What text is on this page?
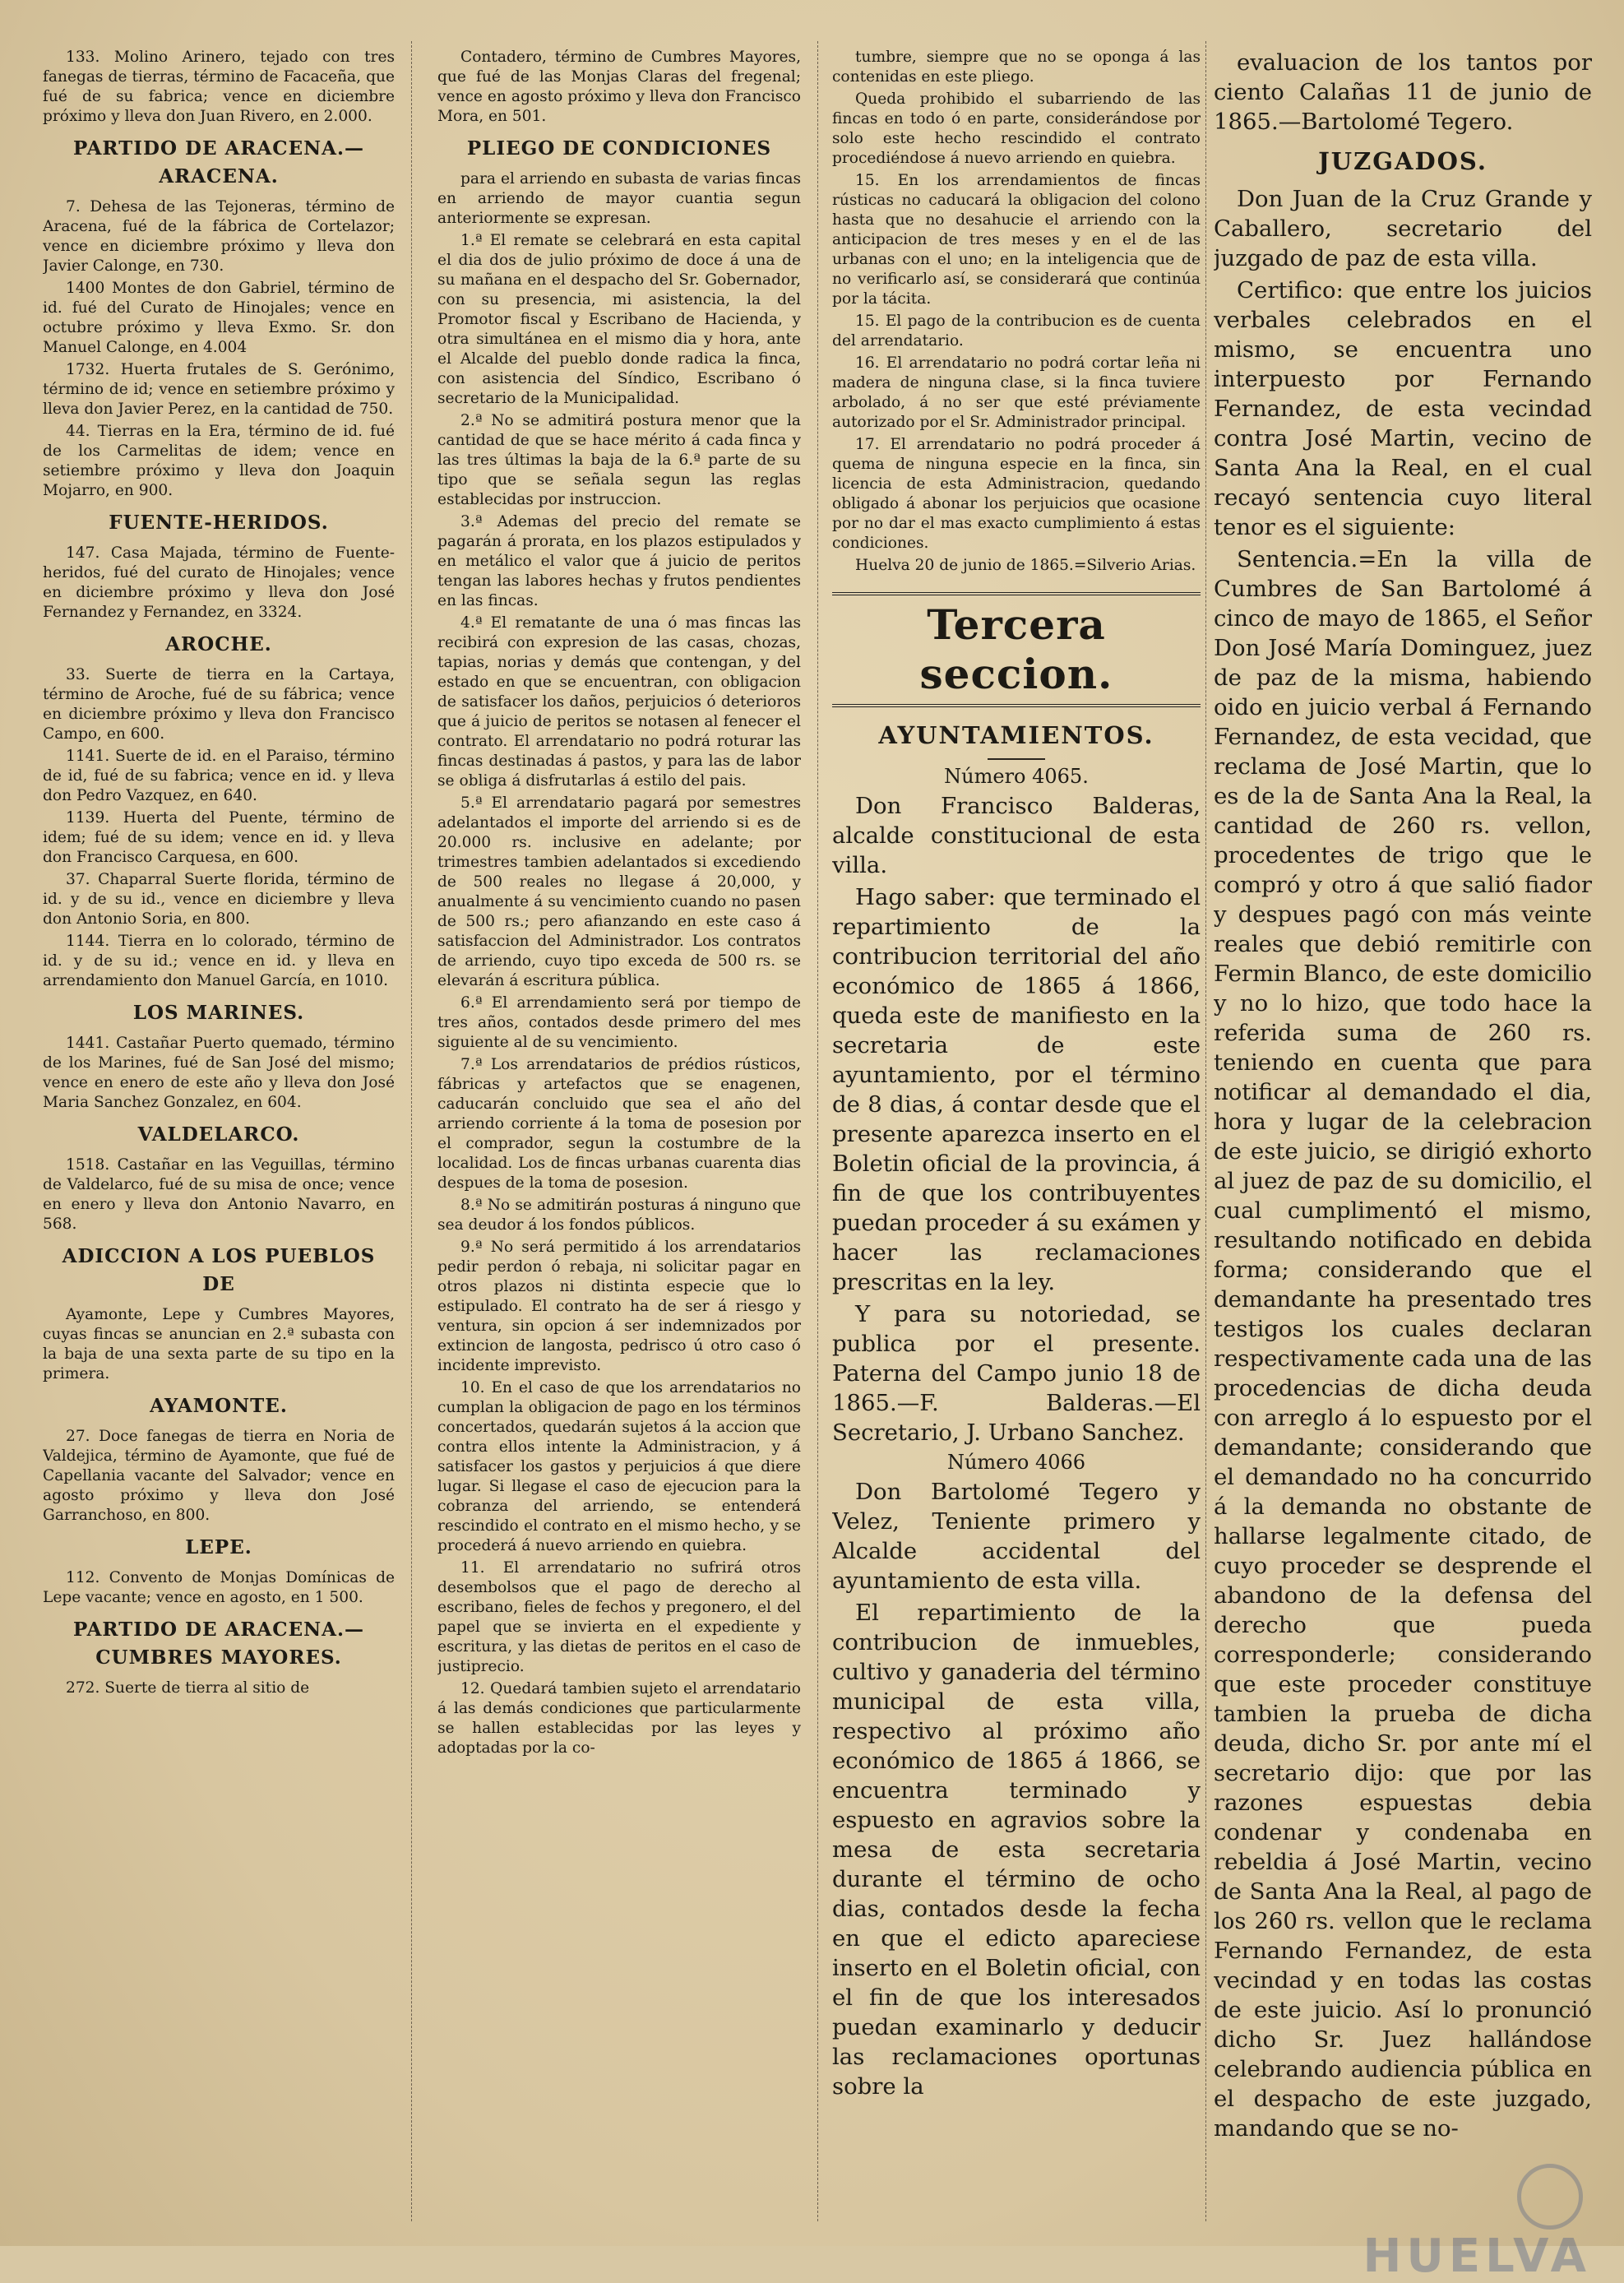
133. Molino Arinero, tejado con tres fanegas de tierras, término de Facaceña, que fué de su fabrica; vence en diciembre próximo y lleva don Juan Rivero, en 2.000.

PARTIDO DE ARACENA.—ARACENA.

7. Dehesa de las Tejoneras, término de Aracena, fué de la fábrica de Cortelazor; vence en diciembre próximo y lleva don Javier Calonge, en 730.

1400 Montes de don Gabriel, término de id. fué del Curato de Hinojales; vence en octubre próximo y lleva Exmo. Sr. don Manuel Calonge, en 4.004

1732. Huerta frutales de S. Gerónimo, término de id; vence en setiembre próximo y lleva don Javier Perez, en la cantidad de 750.

44. Tierras en la Era, término de id. fué de los Carmelitas de idem; vence en setiembre próximo y lleva don Joaquin Mojarro, en 900.

FUENTE-HERIDOS.

147. Casa Majada, término de Fuente-heridos, fué del curato de Hinojales; vence en diciembre próximo y lleva don José Fernandez y Fernandez, en 3324.

AROCHE.

33. Suerte de tierra en la Cartaya, término de Aroche, fué de su fábrica; vence en diciembre próximo y lleva don Francisco Campo, en 600.

1141. Suerte de id. en el Paraiso, término de id, fué de su fabrica; vence en id. y lleva don Pedro Vazquez, en 640.

1139. Huerta del Puente, término de idem; fué de su idem; vence en id. y lleva don Francisco Carquesa, en 600.

37. Chaparral Suerte florida, término de id. y de su id., vence en diciembre y lleva don Antonio Soria, en 800.

1144. Tierra en lo colorado, término de id. y de su id.; vence en id. y lleva en arrendamiento don Manuel García, en 1010.

LOS MARINES.

1441. Castañar Puerto quemado, término de los Marines, fué de San José del mismo; vence en enero de este año y lleva don José Maria Sanchez Gonzalez, en 604.

VALDELARCO.

1518. Castañar en las Veguillas, término de Valdelarco, fué de su misa de once; vence en enero y lleva don Antonio Navarro, en 568.

ADICCION A LOS PUEBLOS DE

Ayamonte, Lepe y Cumbres Mayores, cuyas fincas se anuncian en 2.ª subasta con la baja de una sexta parte de su tipo en la primera.

AYAMONTE.

27. Doce fanegas de tierra en Noria de Valdejica, término de Ayamonte, que fué de Capellania vacante del Salvador; vence en agosto próximo y lleva don José Garranchoso, en 800.

LEPE.

112. Convento de Monjas Domínicas de Lepe vacante; vence en agosto, en 1 500.

PARTIDO DE ARACENA.—CUMBRES MAYORES.

272. Suerte de tierra al sitio de

Contadero, término de Cumbres Mayores, que fué de las Monjas Claras del fregenal; vence en agosto próximo y lleva don Francisco Mora, en 501.

PLIEGO DE CONDICIONES

para el arriendo en subasta de varias fincas en arriendo de mayor cuantia segun anteriormente se expresan.

1.ª El remate se celebrará en esta capital el dia dos de julio próximo de doce á una de su mañana en el despacho del Sr. Gobernador, con su presencia, mi asistencia, la del Promotor fiscal y Escribano de Hacienda, y otra simultánea en el mismo dia y hora, ante el Alcalde del pueblo donde radica la finca, con asistencia del Síndico, Escribano ó secretario de la Municipalidad.

2.ª No se admitirá postura menor que la cantidad de que se hace mérito á cada finca y las tres últimas la baja de la 6.ª parte de su tipo que se señala segun las reglas establecidas por instruccion.

3.ª Ademas del precio del remate se pagarán á prorata, en los plazos estipulados y en metálico el valor que á juicio de peritos tengan las labores hechas y frutos pendientes en las fincas.

4.ª El rematante de una ó mas fincas las recibirá con expresion de las casas, chozas, tapias, norias y demás que contengan, y del estado en que se encuentran, con obligacion de satisfacer los daños, perjuicios ó deterioros que á juicio de peritos se notasen al fenecer el contrato. El arrendatario no podrá roturar las fincas destinadas á pastos, y para las de labor se obliga á disfrutarlas á estilo del pais.

5.ª El arrendatario pagará por semestres adelantados el importe del arriendo si es de 20.000 rs. inclusive en adelante; por trimestres tambien adelantados si excediendo de 500 reales no llegase á 20,000, y anualmente á su vencimiento cuando no pasen de 500 rs.; pero afianzando en este caso á satisfaccion del Administrador. Los contratos de arriendo, cuyo tipo exceda de 500 rs. se elevarán á escritura pública.

6.ª El arrendamiento será por tiempo de tres años, contados desde primero del mes siguiente al de su vencimiento.

7.ª Los arrendatarios de prédios rústicos, fábricas y artefactos que se enagenen, caducarán concluido que sea el año del arriendo corriente á la toma de posesion por el comprador, segun la costumbre de la localidad. Los de fincas urbanas cuarenta dias despues de la toma de posesion.

8.ª No se admitirán posturas á ninguno que sea deudor á los fondos públicos.

9.ª No será permitido á los arrendatarios pedir perdon ó rebaja, ni solicitar pagar en otros plazos ni distinta especie que lo estipulado. El contrato ha de ser á riesgo y ventura, sin opcion á ser indemnizados por extincion de langosta, pedrisco ú otro caso ó incidente imprevisto.

10. En el caso de que los arrendatarios no cumplan la obligacion de pago en los términos concertados, quedarán sujetos á la accion que contra ellos intente la Administracion, y á satisfacer los gastos y perjuicios á que diere lugar. Si llegase el caso de ejecucion para la cobranza del arriendo, se entenderá rescindido el contrato en el mismo hecho, y se procederá á nuevo arriendo en quiebra.

11. El arrendatario no sufrirá otros desembolsos que el pago de derecho al escribano, fieles de fechos y pregonero, el del papel que se invierta en el expediente y escritura, y las dietas de peritos en el caso de justiprecio.

12. Quedará tambien sujeto el arrendatario á las demás condiciones que particularmente se hallen establecidas por las leyes y adoptadas por la co-

tumbre, siempre que no se oponga á las contenidas en este pliego.

Queda prohibido el subarriendo de las fincas en todo ó en parte, considerándose por solo este hecho rescindido el contrato procediéndose á nuevo arriendo en quiebra.

15. En los arrendamientos de fincas rústicas no caducará la obligacion del colono hasta que no desahucie el arriendo con la anticipacion de tres meses y en el de las urbanas con el uno; en la inteligencia que de no verificarlo así, se considerará que continúa por la tácita.

15. El pago de la contribucion es de cuenta del arrendatario.

16. El arrendatario no podrá cortar leña ni madera de ninguna clase, si la finca tuviere arbolado, á no ser que esté préviamente autorizado por el Sr. Administrador principal.

17. El arrendatario no podrá proceder á quema de ninguna especie en la finca, sin licencia de esta Administracion, quedando obligado á abonar los perjuicios que ocasione por no dar el mas exacto cumplimiento á estas condiciones.

Huelva 20 de junio de 1865.=Silverio Arias.

Tercera seccion.
AYUNTAMIENTOS.
Número 4065.

Don Francisco Balderas, alcalde constitucional de esta villa.

Hago saber: que terminado el repartimiento de la contribucion territorial del año económico de 1865 á 1866, queda este de manifiesto en la secretaria de este ayuntamiento, por el término de 8 dias, á contar desde que el presente aparezca inserto en el Boletin oficial de la provincia, á fin de que los contribuyentes puedan proceder á su exámen y hacer las reclamaciones prescritas en la ley.

Y para su notoriedad, se publica por el presente. Paterna del Campo junio 18 de 1865.—F. Balderas.—El Secretario, J. Urbano Sanchez.

Número 4066

Don Bartolomé Tegero y Velez, Teniente primero y Alcalde accidental del ayuntamiento de esta villa.

El repartimiento de la contribucion de inmuebles, cultivo y ganaderia del término municipal de esta villa, respectivo al próximo año económico de 1865 á 1866, se encuentra terminado y espuesto en agravios sobre la mesa de esta secretaria durante el término de ocho dias, contados desde la fecha en que el edicto apareciese inserto en el Boletin oficial, con el fin de que los interesados puedan examinarlo y deducir las reclamaciones oportunas sobre la

evaluacion de los tantos por ciento Calañas 11 de junio de 1865.—Bartolomé Tegero.

JUZGADOS.

Don Juan de la Cruz Grande y Caballero, secretario del juzgado de paz de esta villa.

Certifico: que entre los juicios verbales celebrados en el mismo, se encuentra uno interpuesto por Fernando Fernandez, de esta vecindad contra José Martin, vecino de Santa Ana la Real, en el cual recayó sentencia cuyo literal tenor es el siguiente:

Sentencia.=En la villa de Cumbres de San Bartolomé á cinco de mayo de 1865, el Señor Don José María Dominguez, juez de paz de la misma, habiendo oido en juicio verbal á Fernando Fernandez, de esta vecidad, que reclama de José Martin, que lo es de la de Santa Ana la Real, la cantidad de 260 rs. vellon, procedentes de trigo que le compró y otro á que salió fiador y despues pagó con más veinte reales que debió remitirle con Fermin Blanco, de este domicilio y no lo hizo, que todo hace la referida suma de 260 rs. teniendo en cuenta que para notificar al demandado el dia, hora y lugar de la celebracion de este juicio, se dirigió exhorto al juez de paz de su domicilio, el cual cumplimentó el mismo, resultando notificado en debida forma; considerando que el demandante ha presentado tres testigos los cuales declaran respectivamente cada una de las procedencias de dicha deuda con arreglo á lo espuesto por el demandante; considerando que el demandado no ha concurrido á la demanda no obstante de hallarse legalmente citado, de cuyo proceder se desprende el abandono de la defensa del derecho que pueda corresponderle; considerando que este proceder constituye tambien la prueba de dicha deuda, dicho Sr. por ante mí el secretario dijo: que por las razones espuestas debia condenar y condenaba en rebeldia á José Martin, vecino de Santa Ana la Real, al pago de los 260 rs. vellon que le reclama Fernando Fernandez, de esta vecindad y en todas las costas de este juicio. Así lo pronunció dicho Sr. Juez hallándose celebrando audiencia pública en el despacho de este juzgado, mandando que se no-

HUELVA
